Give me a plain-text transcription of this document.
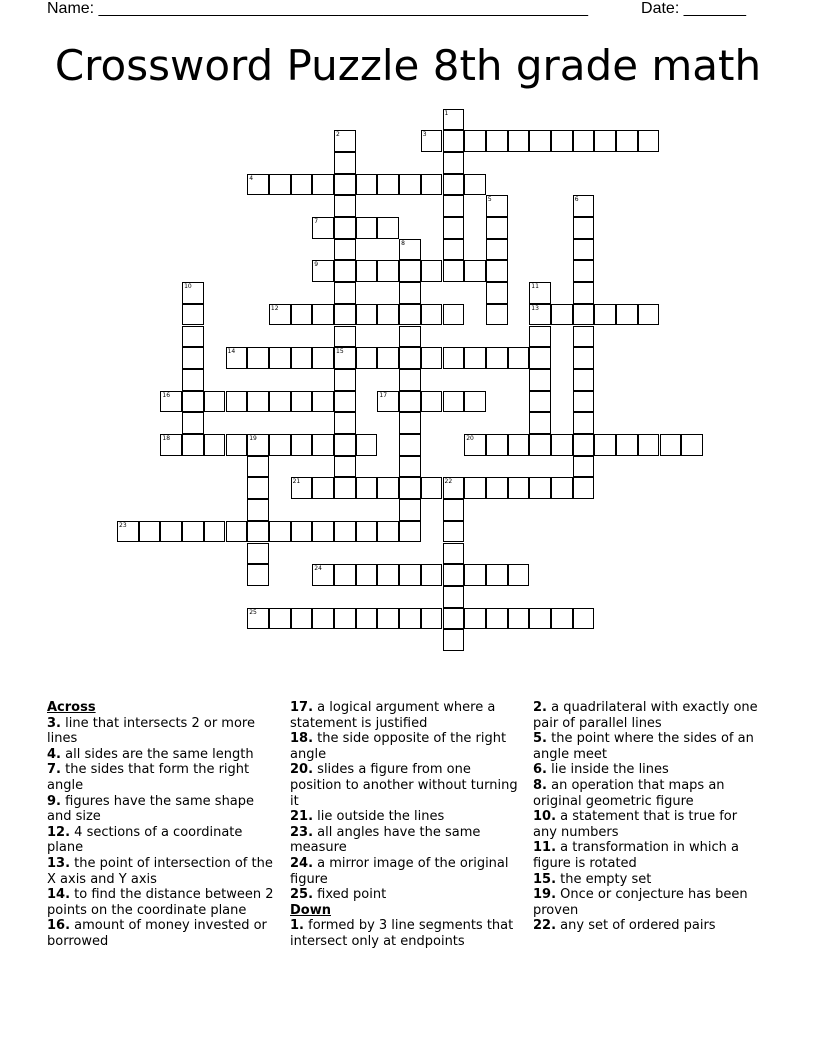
Name: _______________________________________________________	Date: _______
Crossword Puzzle 8th grade math
3
4
7
9
12	13
14	15
16	17
18	19	20
21	22
23
24
25
1
2
5	6
8
10	11
Across
3. line that intersects 2 or more lines
4. all sides are the same length
7. the sides that form the right angle
9. figures have the same shape and size
12. 4 sections of a coordinate plane
13. the point of intersection of the X axis and Y axis
14. to find the distance between 2 points on the coordinate plane
16. amount of money invested or borrowed
17. a logical argument where a statement is justified
18. the side opposite of the right angle
20. slides a figure from one position to another without turning it
21. lie outside the lines
23. all angles have the same measure
24. a mirror image of the original figure
25. fixed point
Down
1. formed by 3 line segments that intersect only at endpoints
2. a quadrilateral with exactly one pair of parallel lines
5. the point where the sides of an angle meet
6. lie inside the lines
8. an operation that maps an original geometric figure
10. a statement that is true for any numbers
11. a transformation in which a figure is rotated
15. the empty set
19. Once or conjecture has been proven
22. any set of ordered pairs
